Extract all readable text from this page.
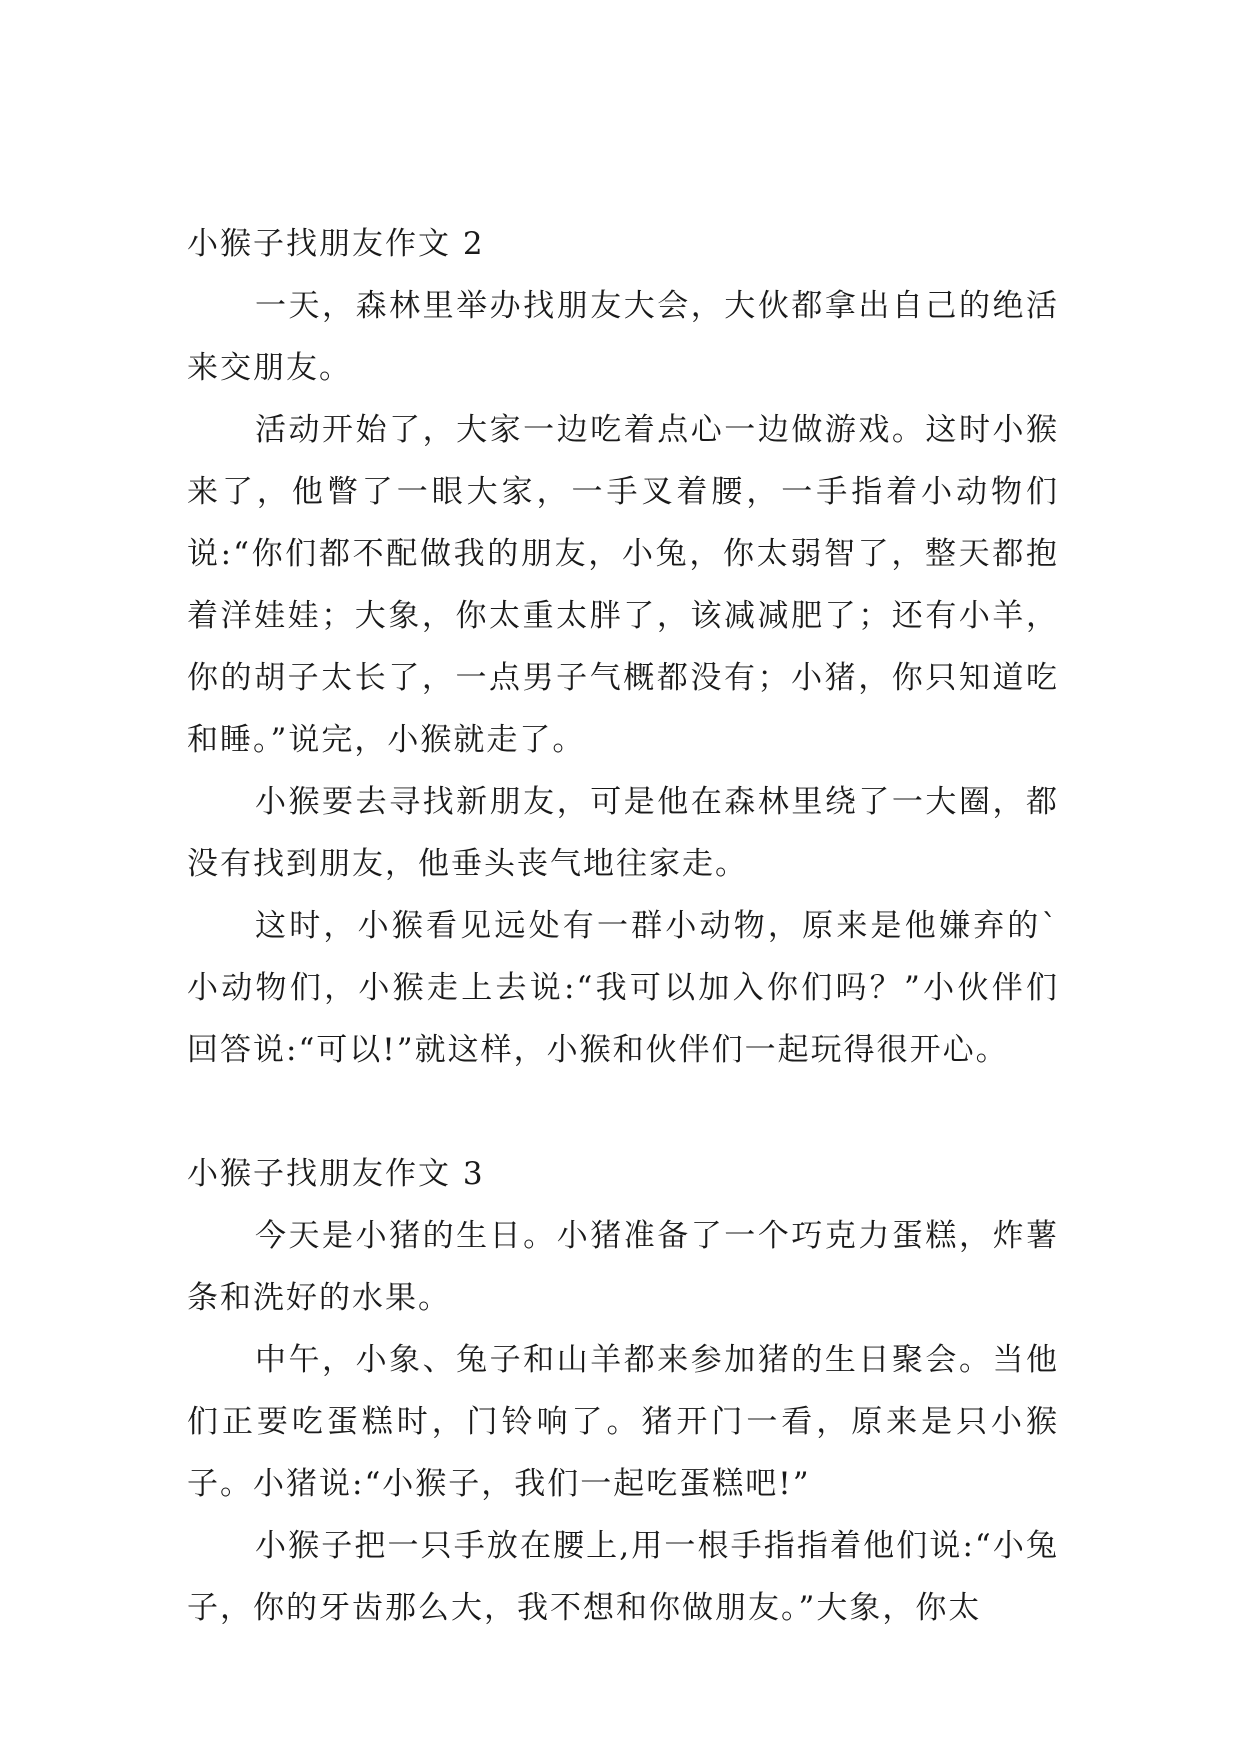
小猴子找朋友作文 2

一天，森林里举办找朋友大会，大伙都拿出自己的绝活来交朋友。

活动开始了，大家一边吃着点心一边做游戏。这时小猴来了，他瞥了一眼大家，一手叉着腰，一手指着小动物们说:“你们都不配做我的朋友，小兔，你太弱智了，整天都抱着洋娃娃；大象，你太重太胖了，该减减肥了；还有小羊，你的胡子太长了，一点男子气概都没有；小猪，你只知道吃和睡。”说完，小猴就走了。

小猴要去寻找新朋友，可是他在森林里绕了一大圈，都没有找到朋友，他垂头丧气地往家走。

这时，小猴看见远处有一群小动物，原来是他嫌弃的`小动物们，小猴走上去说:“我可以加入你们吗？”小伙伴们回答说:“可以!”就这样，小猴和伙伴们一起玩得很开心。

小猴子找朋友作文 3

今天是小猪的生日。小猪准备了一个巧克力蛋糕，炸薯条和洗好的水果。

中午，小象、兔子和山羊都来参加猪的生日聚会。当他们正要吃蛋糕时，门铃响了。猪开门一看，原来是只小猴子。小猪说:“小猴子，我们一起吃蛋糕吧!”

小猴子把一只手放在腰上,用一根手指指着他们说:“小兔子，你的牙齿那么大，我不想和你做朋友。”大象，你太
